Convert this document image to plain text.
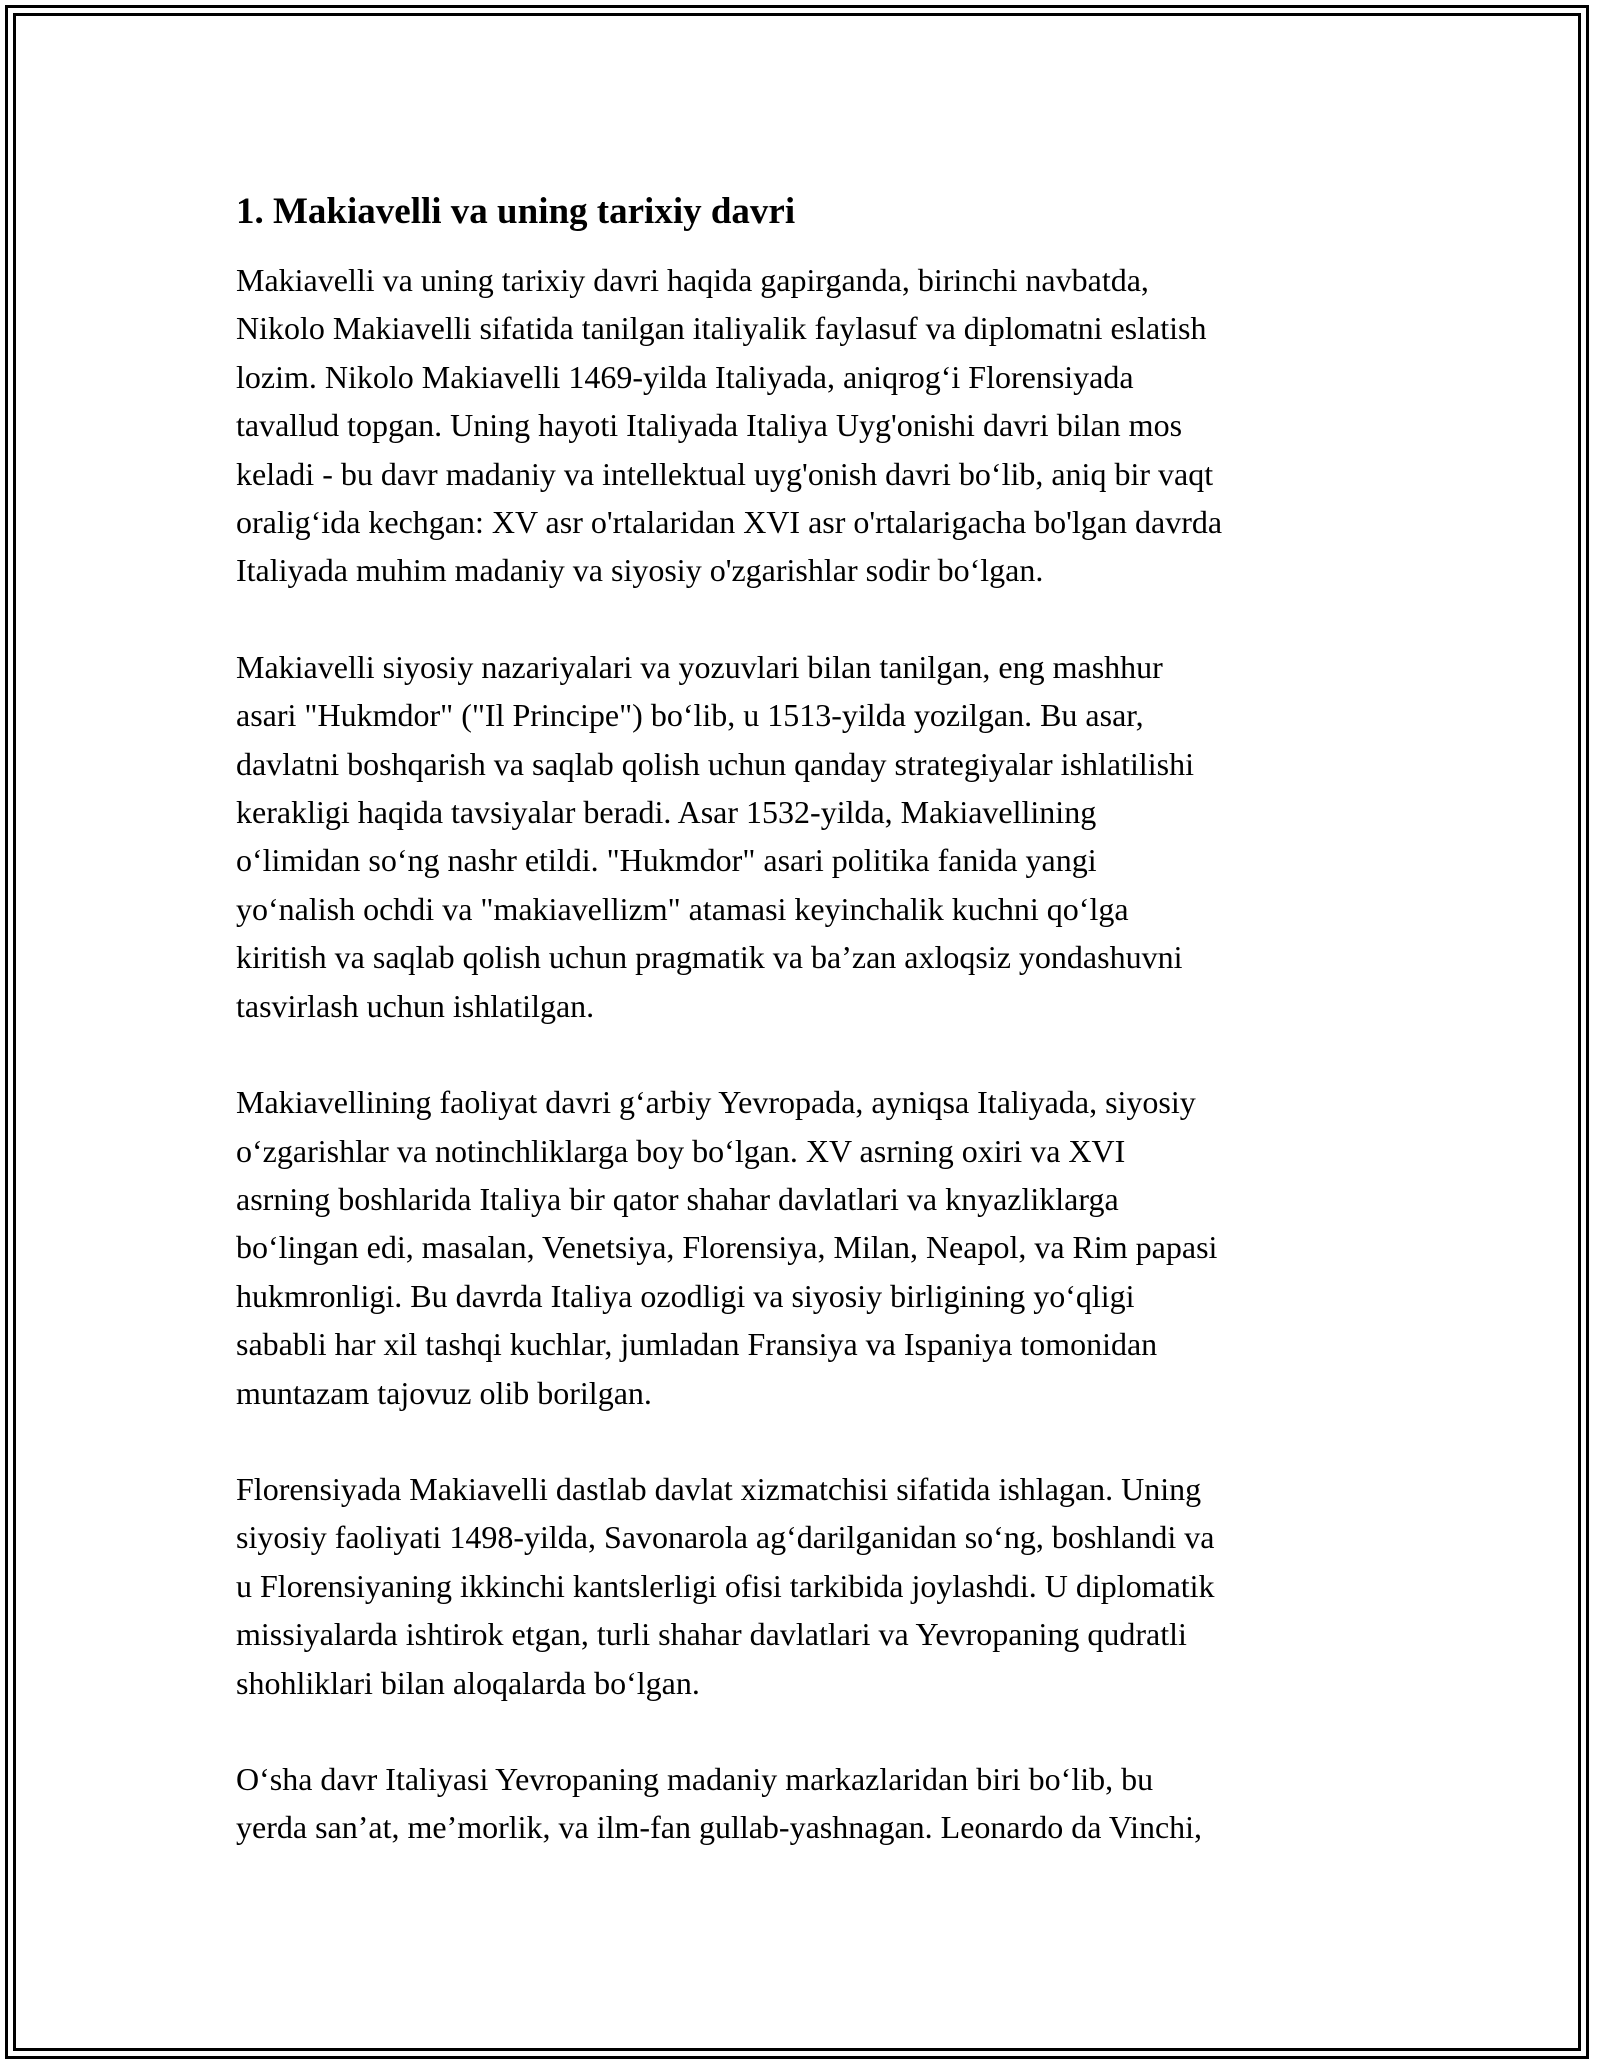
1. Makiavelli va uning tarixiy davri

Makiavelli va uning tarixiy davri haqida gapirganda, birinchi navbatda,
Nikolo Makiavelli sifatida tanilgan italiyalik faylasuf va diplomatni eslatish
lozim. Nikolo Makiavelli 1469-yilda Italiyada, aniqrog‘i Florensiyada
tavallud topgan. Uning hayoti Italiyada Italiya Uyg'onishi davri bilan mos
keladi - bu davr madaniy va intellektual uyg'onish davri bo‘lib, aniq bir vaqt
oralig‘ida kechgan: XV asr o'rtalaridan XVI asr o'rtalarigacha bo'lgan davrda
Italiyada muhim madaniy va siyosiy o'zgarishlar sodir bo‘lgan.

Makiavelli siyosiy nazariyalari va yozuvlari bilan tanilgan, eng mashhur
asari "Hukmdor" ("Il Principe") bo‘lib, u 1513-yilda yozilgan. Bu asar,
davlatni boshqarish va saqlab qolish uchun qanday strategiyalar ishlatilishi
kerakligi haqida tavsiyalar beradi. Asar 1532-yilda, Makiavellining
o‘limidan so‘ng nashr etildi. "Hukmdor" asari politika fanida yangi
yo‘nalish ochdi va "makiavellizm" atamasi keyinchalik kuchni qo‘lga
kiritish va saqlab qolish uchun pragmatik va ba’zan axloqsiz yondashuvni
tasvirlash uchun ishlatilgan.

Makiavellining faoliyat davri g‘arbiy Yevropada, ayniqsa Italiyada, siyosiy
o‘zgarishlar va notinchliklarga boy bo‘lgan. XV asrning oxiri va XVI
asrning boshlarida Italiya bir qator shahar davlatlari va knyazliklarga
bo‘lingan edi, masalan, Venetsiya, Florensiya, Milan, Neapol, va Rim papasi
hukmronligi. Bu davrda Italiya ozodligi va siyosiy birligining yo‘qligi
sababli har xil tashqi kuchlar, jumladan Fransiya va Ispaniya tomonidan
muntazam tajovuz olib borilgan.

Florensiyada Makiavelli dastlab davlat xizmatchisi sifatida ishlagan. Uning
siyosiy faoliyati 1498-yilda, Savonarola ag‘darilganidan so‘ng, boshlandi va
u Florensiyaning ikkinchi kantslerligi ofisi tarkibida joylashdi. U diplomatik
missiyalarda ishtirok etgan, turli shahar davlatlari va Yevropaning qudratli
shohliklari bilan aloqalarda bo‘lgan.

O‘sha davr Italiyasi Yevropaning madaniy markazlaridan biri bo‘lib, bu
yerda san’at, me’morlik, va ilm-fan gullab-yashnagan. Leonardo da Vinchi,
